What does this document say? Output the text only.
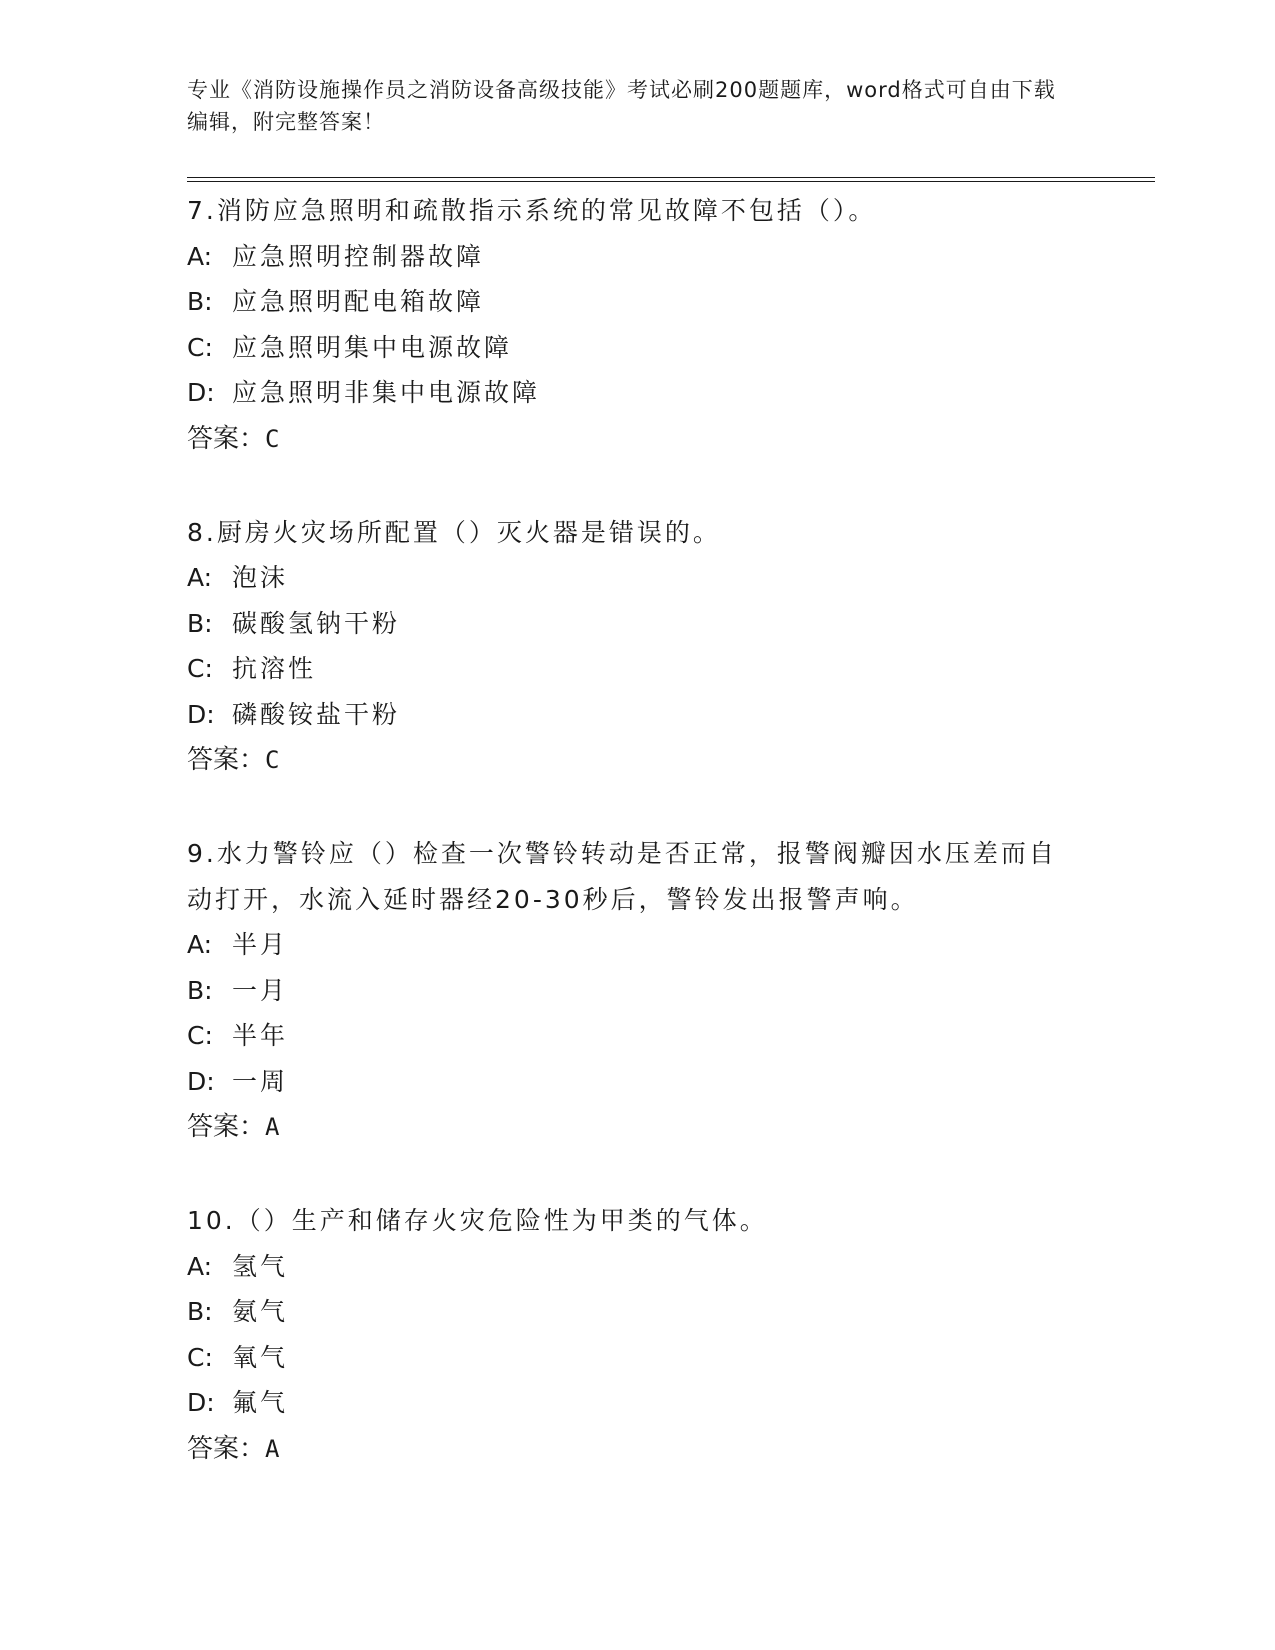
专业《消防设施操作员之消防设备高级技能》考试必刷200题题库，word格式可自由下载编辑，附完整答案！
7.消防应急照明和疏散指示系统的常见故障不包括（）。
A: 应急照明控制器故障
B: 应急照明配电箱故障
C: 应急照明集中电源故障
D: 应急照明非集中电源故障
答案：C
8.厨房火灾场所配置（）灭火器是错误的。
A: 泡沫
B: 碳酸氢钠干粉
C: 抗溶性
D: 磷酸铵盐干粉
答案：C
9.水力警铃应（）检查一次警铃转动是否正常，报警阀瓣因水压差而自动打开，水流入延时器经20-30秒后，警铃发出报警声响。
A: 半月
B: 一月
C: 半年
D: 一周
答案：A
10.（）生产和储存火灾危险性为甲类的气体。
A: 氢气
B: 氨气
C: 氧气
D: 氟气
答案：A
